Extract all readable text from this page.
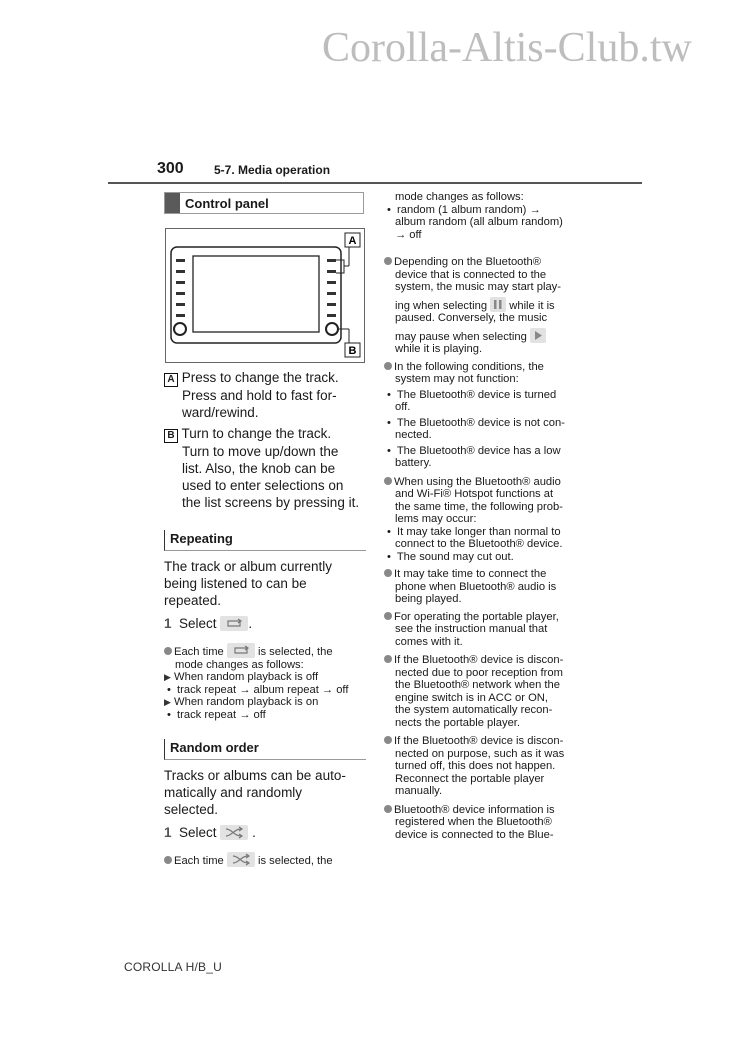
Corolla-Altis-Club.tw
300	5-7. Media operation
Control panel
A
B
A Press to change the track.
Press and hold to fast for-
ward/rewind.
B Turn to change the track.
Turn to move up/down the
list. Also, the knob can be
used to enter selections on
the list screens by pressing it.
Repeating
The track or album currently
being listened to can be
repeated.
1 Select .
Each time	is selected, the
mode changes as follows:
▶ When random playback is off
• track repeat → album repeat → off
▶ When random playback is on
• track repeat → off
Random order
Tracks or albums can be auto-
matically and randomly
selected.
1 Select	.
Each time	is selected, the
mode changes as follows:
• random (1 album random) →
album random (all album random)
→ off
Depending on the Bluetooth®
device that is connected to the
system, the music may start play-
ing when selecting while it is
paused. Conversely, the music
may pause when selecting
while it is playing.
In the following conditions, the
system may not function:
• The Bluetooth® device is turned
off.
• The Bluetooth® device is not con-
nected.
• The Bluetooth® device has a low
battery.
When using the Bluetooth® audio
and Wi-Fi® Hotspot functions at
the same time, the following prob-
lems may occur:
• It may take longer than normal to
connect to the Bluetooth® device.
• The sound may cut out.
It may take time to connect the
phone when Bluetooth® audio is
being played.
For operating the portable player,
see the instruction manual that
comes with it.
If the Bluetooth® device is discon-
nected due to poor reception from
the Bluetooth® network when the
engine switch is in ACC or ON,
the system automatically recon-
nects the portable player.
If the Bluetooth® device is discon-
nected on purpose, such as it was
turned off, this does not happen.
Reconnect the portable player
manually.
Bluetooth® device information is
registered when the Bluetooth®
device is connected to the Blue-
COROLLA H/B_U
